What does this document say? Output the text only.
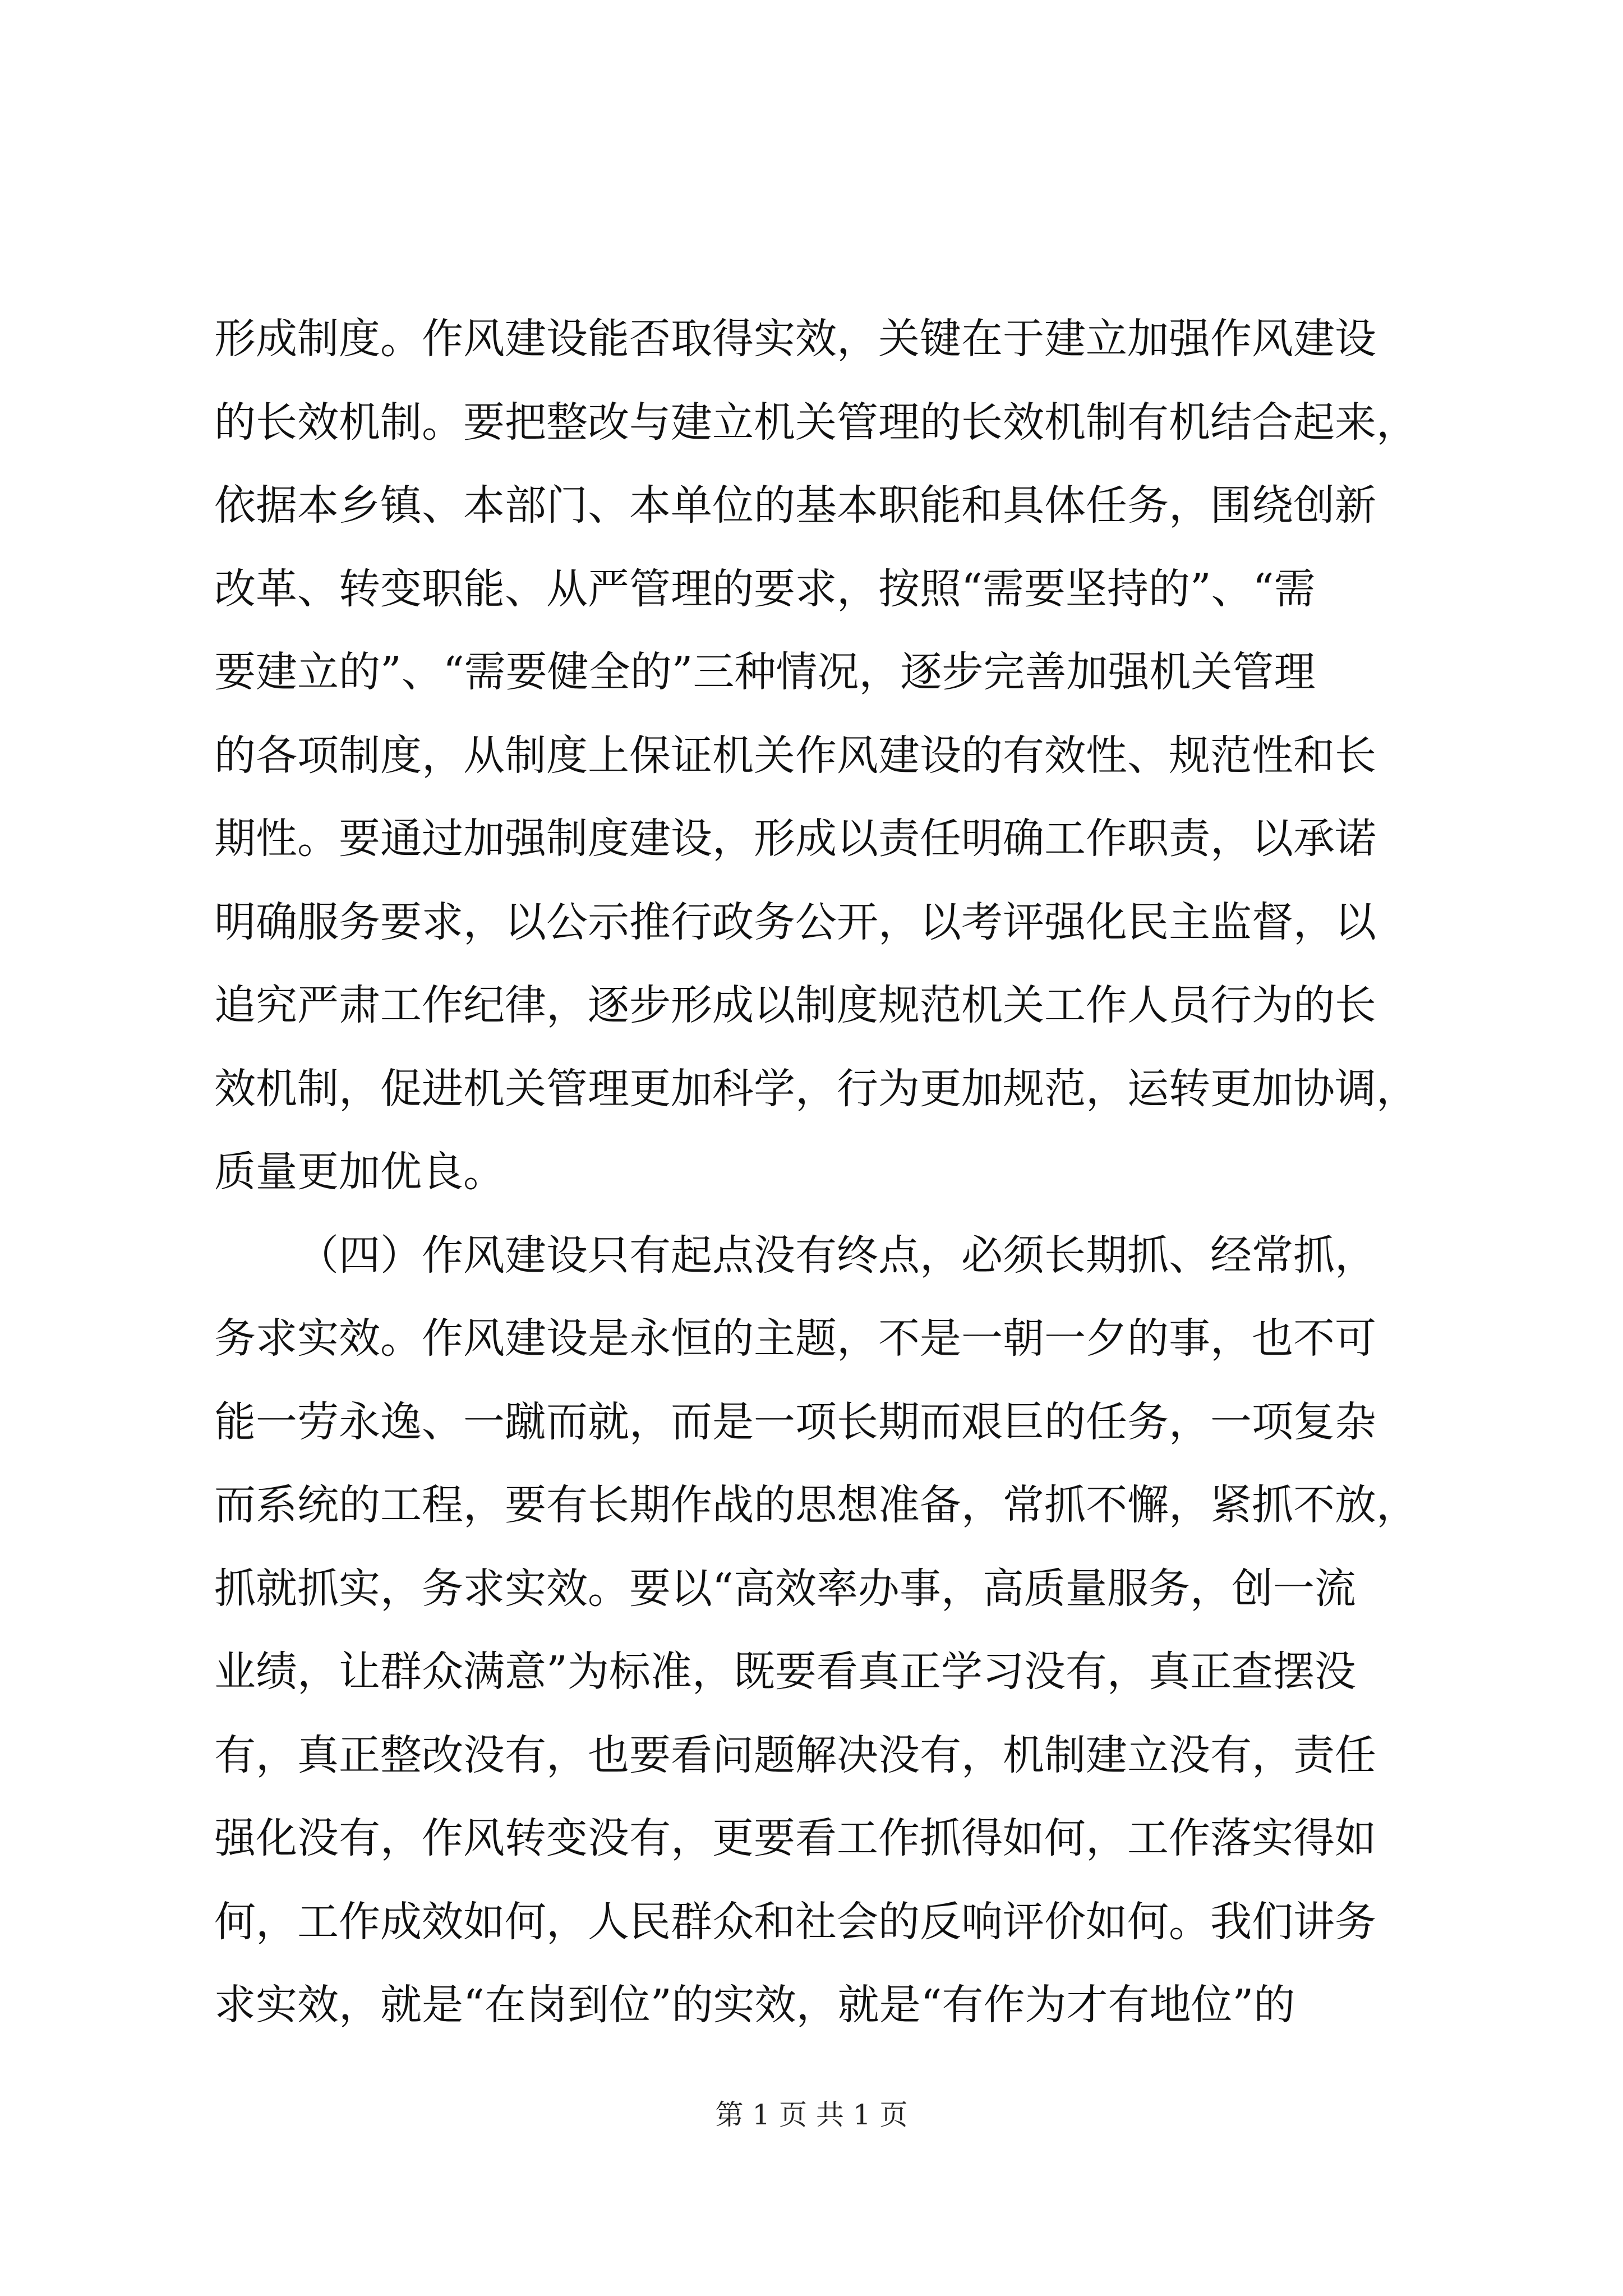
形成制度。作风建设能否取得实效，关键在于建立加强作风建设
的长效机制。要把整改与建立机关管理的长效机制有机结合起来，
依据本乡镇、本部门、本单位的基本职能和具体任务，围绕创新
改革、转变职能、从严管理的要求，按照“需要坚持的”、“需
要建立的”、“需要健全的”三种情况，逐步完善加强机关管理
的各项制度，从制度上保证机关作风建设的有效性、规范性和长
期性。要通过加强制度建设，形成以责任明确工作职责，以承诺
明确服务要求，以公示推行政务公开，以考评强化民主监督，以
追究严肃工作纪律，逐步形成以制度规范机关工作人员行为的长
效机制，促进机关管理更加科学，行为更加规范，运转更加协调，
质量更加优良。
（四）作风建设只有起点没有终点，必须长期抓、经常抓，
务求实效。作风建设是永恒的主题，不是一朝一夕的事，也不可
能一劳永逸、一蹴而就，而是一项长期而艰巨的任务，一项复杂
而系统的工程，要有长期作战的思想准备，常抓不懈，紧抓不放，
抓就抓实，务求实效。要以“高效率办事，高质量服务，创一流
业绩，让群众满意”为标准，既要看真正学习没有，真正查摆没
有，真正整改没有，也要看问题解决没有，机制建立没有，责任
强化没有，作风转变没有，更要看工作抓得如何，工作落实得如
何，工作成效如何，人民群众和社会的反响评价如何。我们讲务
求实效，就是“在岗到位”的实效，就是“有作为才有地位”的
第 1 页 共 1 页
